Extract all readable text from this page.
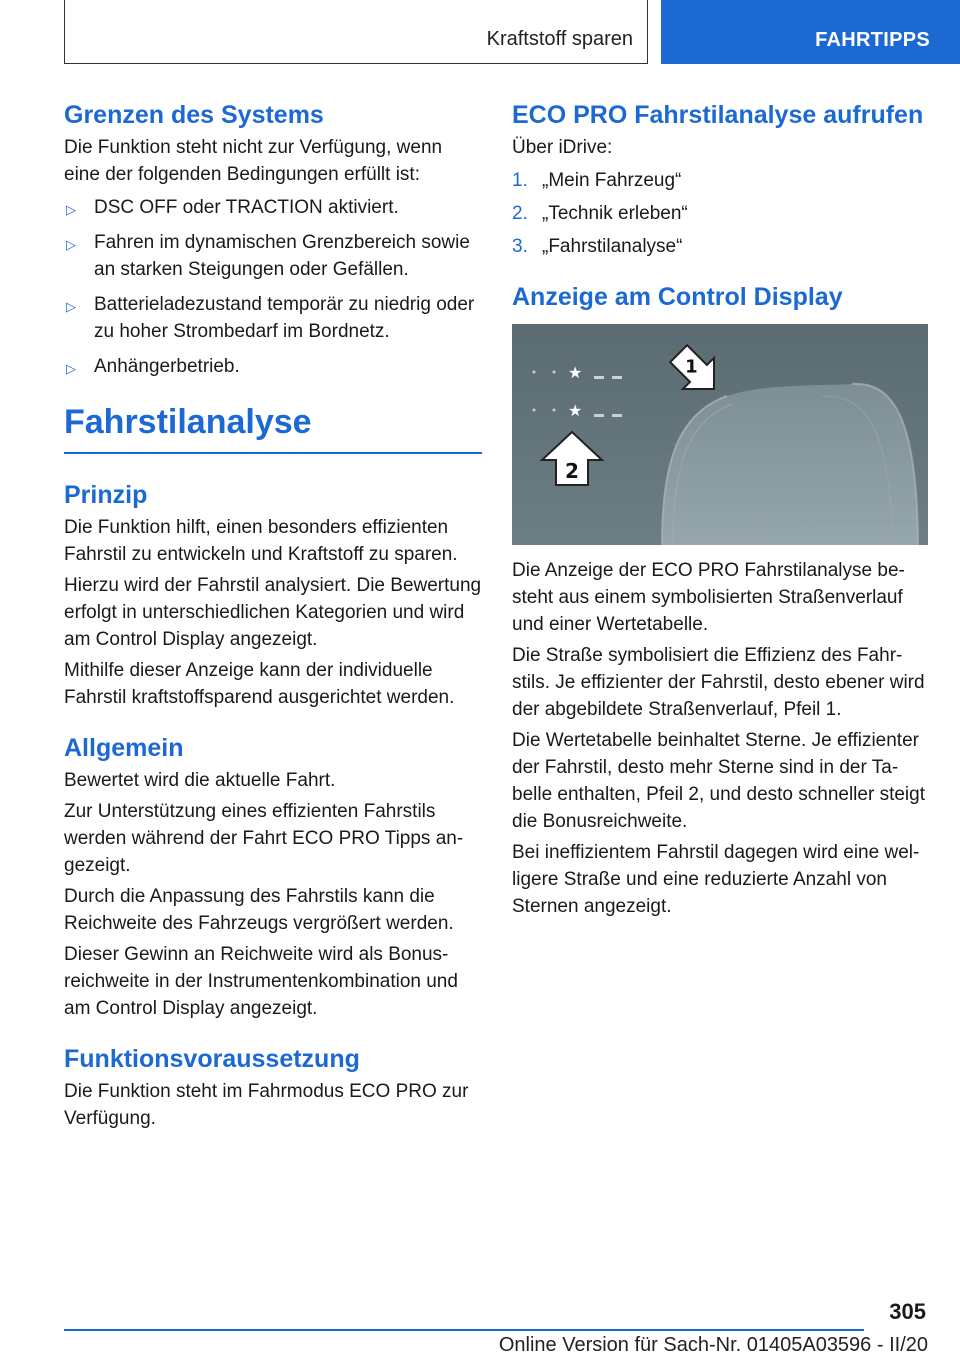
Kraftstoff sparen	FAHRTIPPS
Grenzen des Systems

Die Funktion steht nicht zur Verfügung, wenn eine der folgenden Bedingungen erfüllt ist:

▷ DSC OFF oder TRACTION aktiviert.
▷ Fahren im dynamischen Grenzbereich sowie an starken Steigungen oder Gefällen.
▷ Batterieladezustand temporär zu niedrig oder zu hoher Strombedarf im Bordnetz.
▷ Anhängerbetrieb.
Fahrstilanalyse
Prinzip

Die Funktion hilft, einen besonders effizienten Fahrstil zu entwickeln und Kraftstoff zu sparen.

Hierzu wird der Fahrstil analysiert. Die Bewertung erfolgt in unterschiedlichen Kategorien und wird am Control Display angezeigt.

Mithilfe dieser Anzeige kann der individuelle Fahrstil kraftstoffsparend ausgerichtet werden.

Allgemein

Bewertet wird die aktuelle Fahrt.

Zur Unterstützung eines effizienten Fahrstils werden während der Fahrt ECO PRO Tipps an-gezeigt.

Durch die Anpassung des Fahrstils kann die Reichweite des Fahrzeugs vergrößert werden.

Dieser Gewinn an Reichweite wird als Bonus-reichweite in der Instrumentenkombination und am Control Display angezeigt.

Funktionsvoraussetzung

Die Funktion steht im Fahrmodus ECO PRO zur Verfügung.

ECO PRO Fahrstilanalyse aufrufen

Über iDrive:

1. „Mein Fahrzeug“
2. „Technik erleben“
3. „Fahrstilanalyse“
Anzeige am Control Display
★
★
1
2

Die Anzeige der ECO PRO Fahrstilanalyse be-steht aus einem symbolisierten Straßenverlauf und einer Wertetabelle.

Die Straße symbolisiert die Effizienz des Fahr-stils. Je effizienter der Fahrstil, desto ebener wird der abgebildete Straßenverlauf, Pfeil 1.

Die Wertetabelle beinhaltet Sterne. Je effizienter der Fahrstil, desto mehr Sterne sind in der Ta-belle enthalten, Pfeil 2, und desto schneller steigt die Bonusreichweite.

Bei ineffizientem Fahrstil dagegen wird eine wel-ligere Straße und eine reduzierte Anzahl von Sternen angezeigt.

305
Online Version für Sach-Nr. 01405A03596 - II/20
